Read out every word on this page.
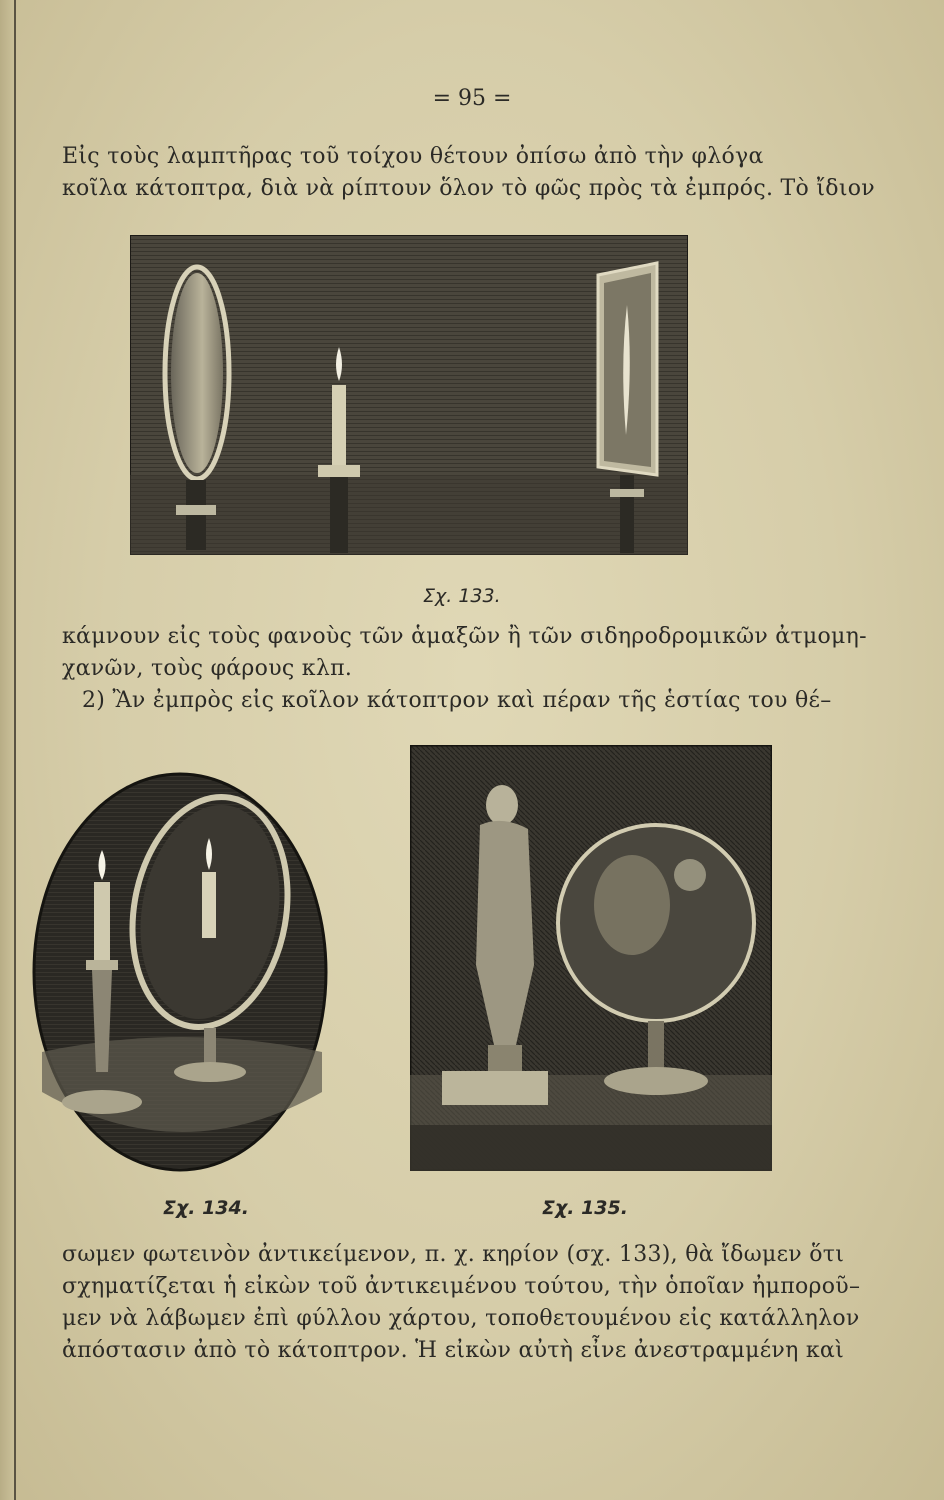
= 95 =
Εἰς τοὺς λαμπτῆρας τοῦ τοίχου θέτουν ὀπίσω ἀπὸ τὴν φλόγα
κοῖλα κάτοπτρα, διὰ νὰ ρίπτουν ὅλον τὸ φῶς πρὸς τὰ ἐμπρός. Τὸ ἴδιον
Σχ. 133.
κάμνουν εἰς τοὺς φανοὺς τῶν ἁμαξῶν ἢ τῶν σιδηροδρομικῶν ἀτμομη-
χανῶν, τοὺς φάρους κλπ.
2) Ἂν ἐμπρὸς εἰς κοῖλον κάτοπτρον καὶ πέραν τῆς ἑστίας του θέ–
Σχ. 134.	Σχ. 135.
σωμεν φωτεινὸν ἀντικείμενον, π. χ. κηρίον (σχ. 133), θὰ ἴδωμεν ὅτι
σχηματίζεται ἡ εἰκὼν τοῦ ἀντικειμένου τούτου, τὴν ὁποῖαν ἠμποροῦ–
μεν νὰ λάβωμεν ἐπὶ φύλλου χάρτου, τοποθετουμένου εἰς κατάλληλον
ἀπόστασιν ἀπὸ τὸ κάτοπτρον. Ἡ εἰκὼν αὐτὴ εἶνε ἀνεστραμμένη καὶ
